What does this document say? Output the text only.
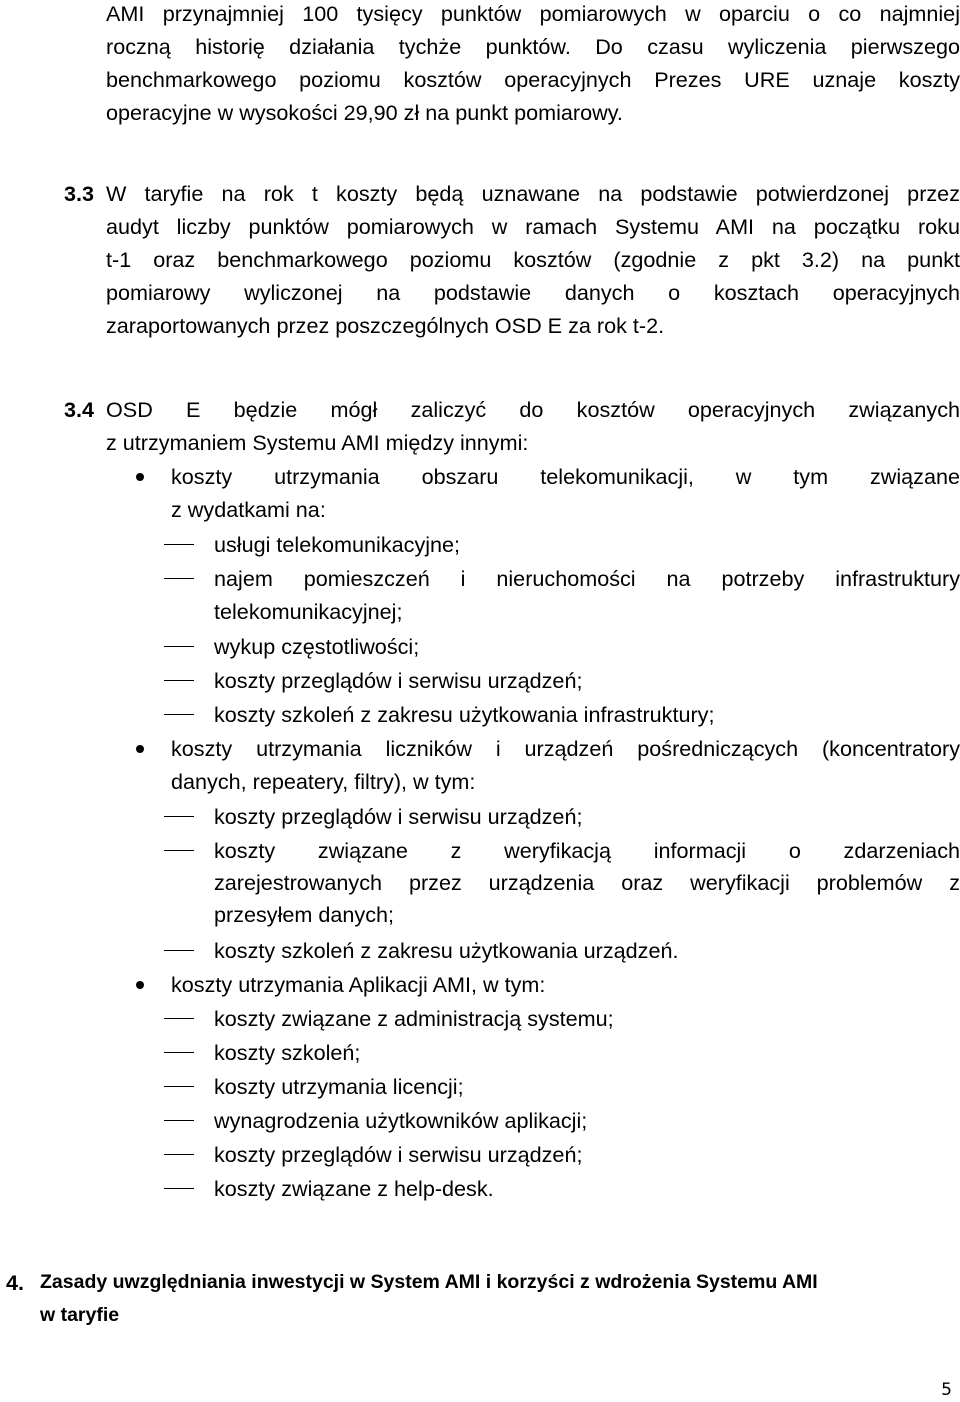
AMI przynajmniej 100 tysięcy punktów pomiarowych w oparciu o co najmniej
roczną historię działania tychże punktów. Do czasu wyliczenia pierwszego
benchmarkowego poziomu kosztów operacyjnych Prezes URE uznaje koszty
operacyjne w wysokości 29,90 zł na punkt pomiarowy.
3.3 W taryfie na rok t koszty będą uznawane na podstawie potwierdzonej przez
audyt liczby punktów pomiarowych w ramach Systemu AMI na początku roku
t-1 oraz benchmarkowego poziomu kosztów (zgodnie z pkt 3.2) na punkt
pomiarowy wyliczonej na podstawie danych o kosztach operacyjnych
zaraportowanych przez poszczególnych OSD E za rok t-2.
3.4 OSD E będzie mógł zaliczyć do kosztów operacyjnych związanych
z utrzymaniem Systemu AMI między innymi:
koszty utrzymania obszaru telekomunikacji, w tym związane
z wydatkami na:
usługi telekomunikacyjne;
najem pomieszczeń i nieruchomości na potrzeby infrastruktury
telekomunikacyjnej;
wykup częstotliwości;
koszty przeglądów i serwisu urządzeń;
koszty szkoleń z zakresu użytkowania infrastruktury;
koszty utrzymania liczników i urządzeń pośredniczących (koncentratory
danych, repeatery, filtry), w tym:
koszty przeglądów i serwisu urządzeń;
koszty związane z weryfikacją informacji o zdarzeniach
zarejestrowanych przez urządzenia oraz weryfikacji problemów z
przesyłem danych;
koszty szkoleń z zakresu użytkowania urządzeń.
koszty utrzymania Aplikacji AMI, w tym:
koszty związane z administracją systemu;
koszty szkoleń;
koszty utrzymania licencji;
wynagrodzenia użytkowników aplikacji;
koszty przeglądów i serwisu urządzeń;
koszty związane z help-desk.
4. Zasady uwzględniania inwestycji w System AMI i korzyści z wdrożenia Systemu AMI
w taryfie
5
